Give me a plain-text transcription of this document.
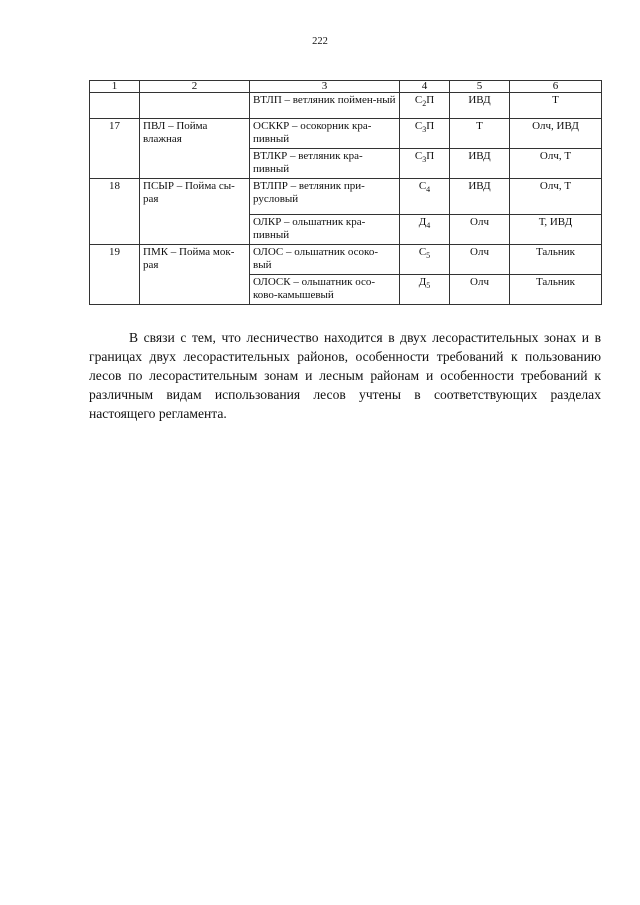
222
1	2	3	4	5	6
		ВТЛП – ветляник поймен-ный	$С_2П$	ИВД	Т
17	ПВЛ – Пойма влажная	ОСККР – осокорник кра-пивный	$С_3П$	Т	Олч, ИВД
		ВТЛКР – ветляник кра-пивный	$С_3П$	ИВД	Олч, Т
18	ПСЫР – Пойма сы-рая	ВТЛПР – ветляник при-русловый	$С_4$	ИВД	Олч, Т
		ОЛКР – ольшатник кра-пивный	$Д_4$	Олч	Т, ИВД
19	ПМК – Пойма мок-рая	ОЛОС – ольшатник осоко-вый	$С_5$	Олч	Тальник
		ОЛОСК – ольшатник осо-ково-камышевый	$Д_5$	Олч	Тальник

В связи с тем, что лесничество находится в двух лесорастительных зонах и в границах двух лесорастительных районов, особенности требований к пользованию лесов по лесорастительным зонам и лесным районам и особенности требований к различным видам использования лесов учтены в соответствующих разделах настоящего регламента.
